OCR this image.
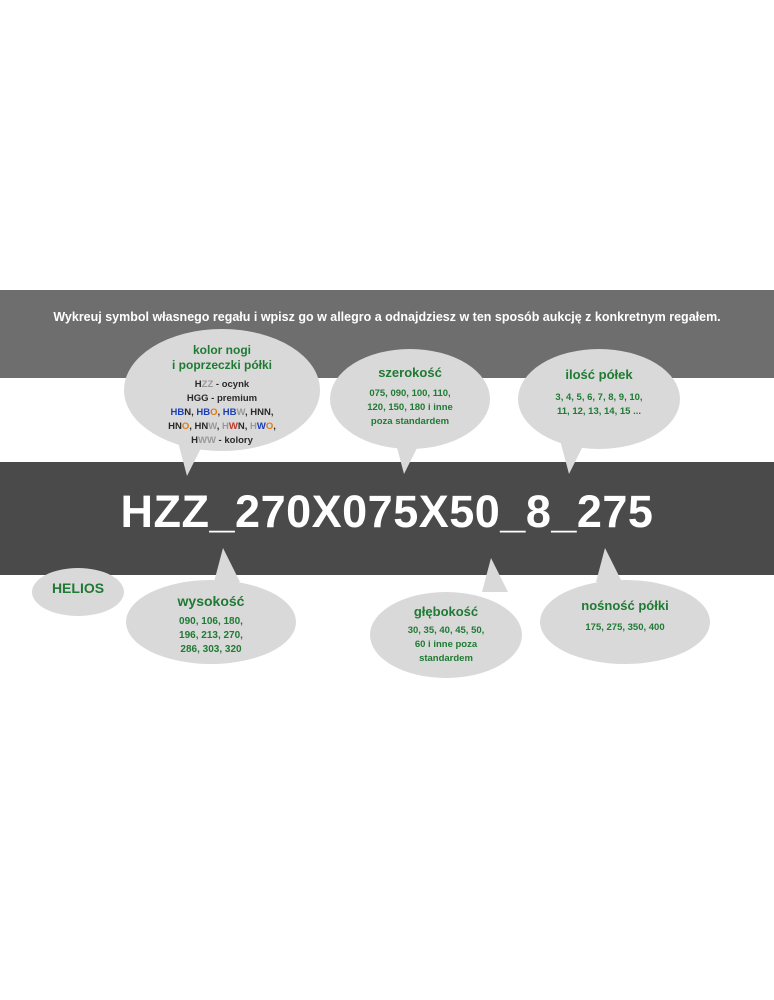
Wykreuj symbol własnego regału i wpisz go w allegro a odnajdziesz w ten sposób aukcję z konkretnym regałem.
HZZ_270X075X50_8_275
kolor nogi
i poprzeczki półki
HZZ - ocynk
HGG - premium
HBN, HBO, HBW, HNN,
HNO, HNW, HWN, HWO,
HWW - kolory
szerokość
075, 090, 100, 110,
120, 150, 180 i inne
poza standardem
ilość półek
3, 4, 5, 6, 7, 8, 9, 10,
11, 12, 13, 14, 15 ...
HELIOS
wysokość
090, 106, 180,
196, 213, 270,
286, 303, 320
głębokość
30, 35, 40, 45, 50,
60 i inne poza
standardem
nośność półki
175, 275, 350, 400
